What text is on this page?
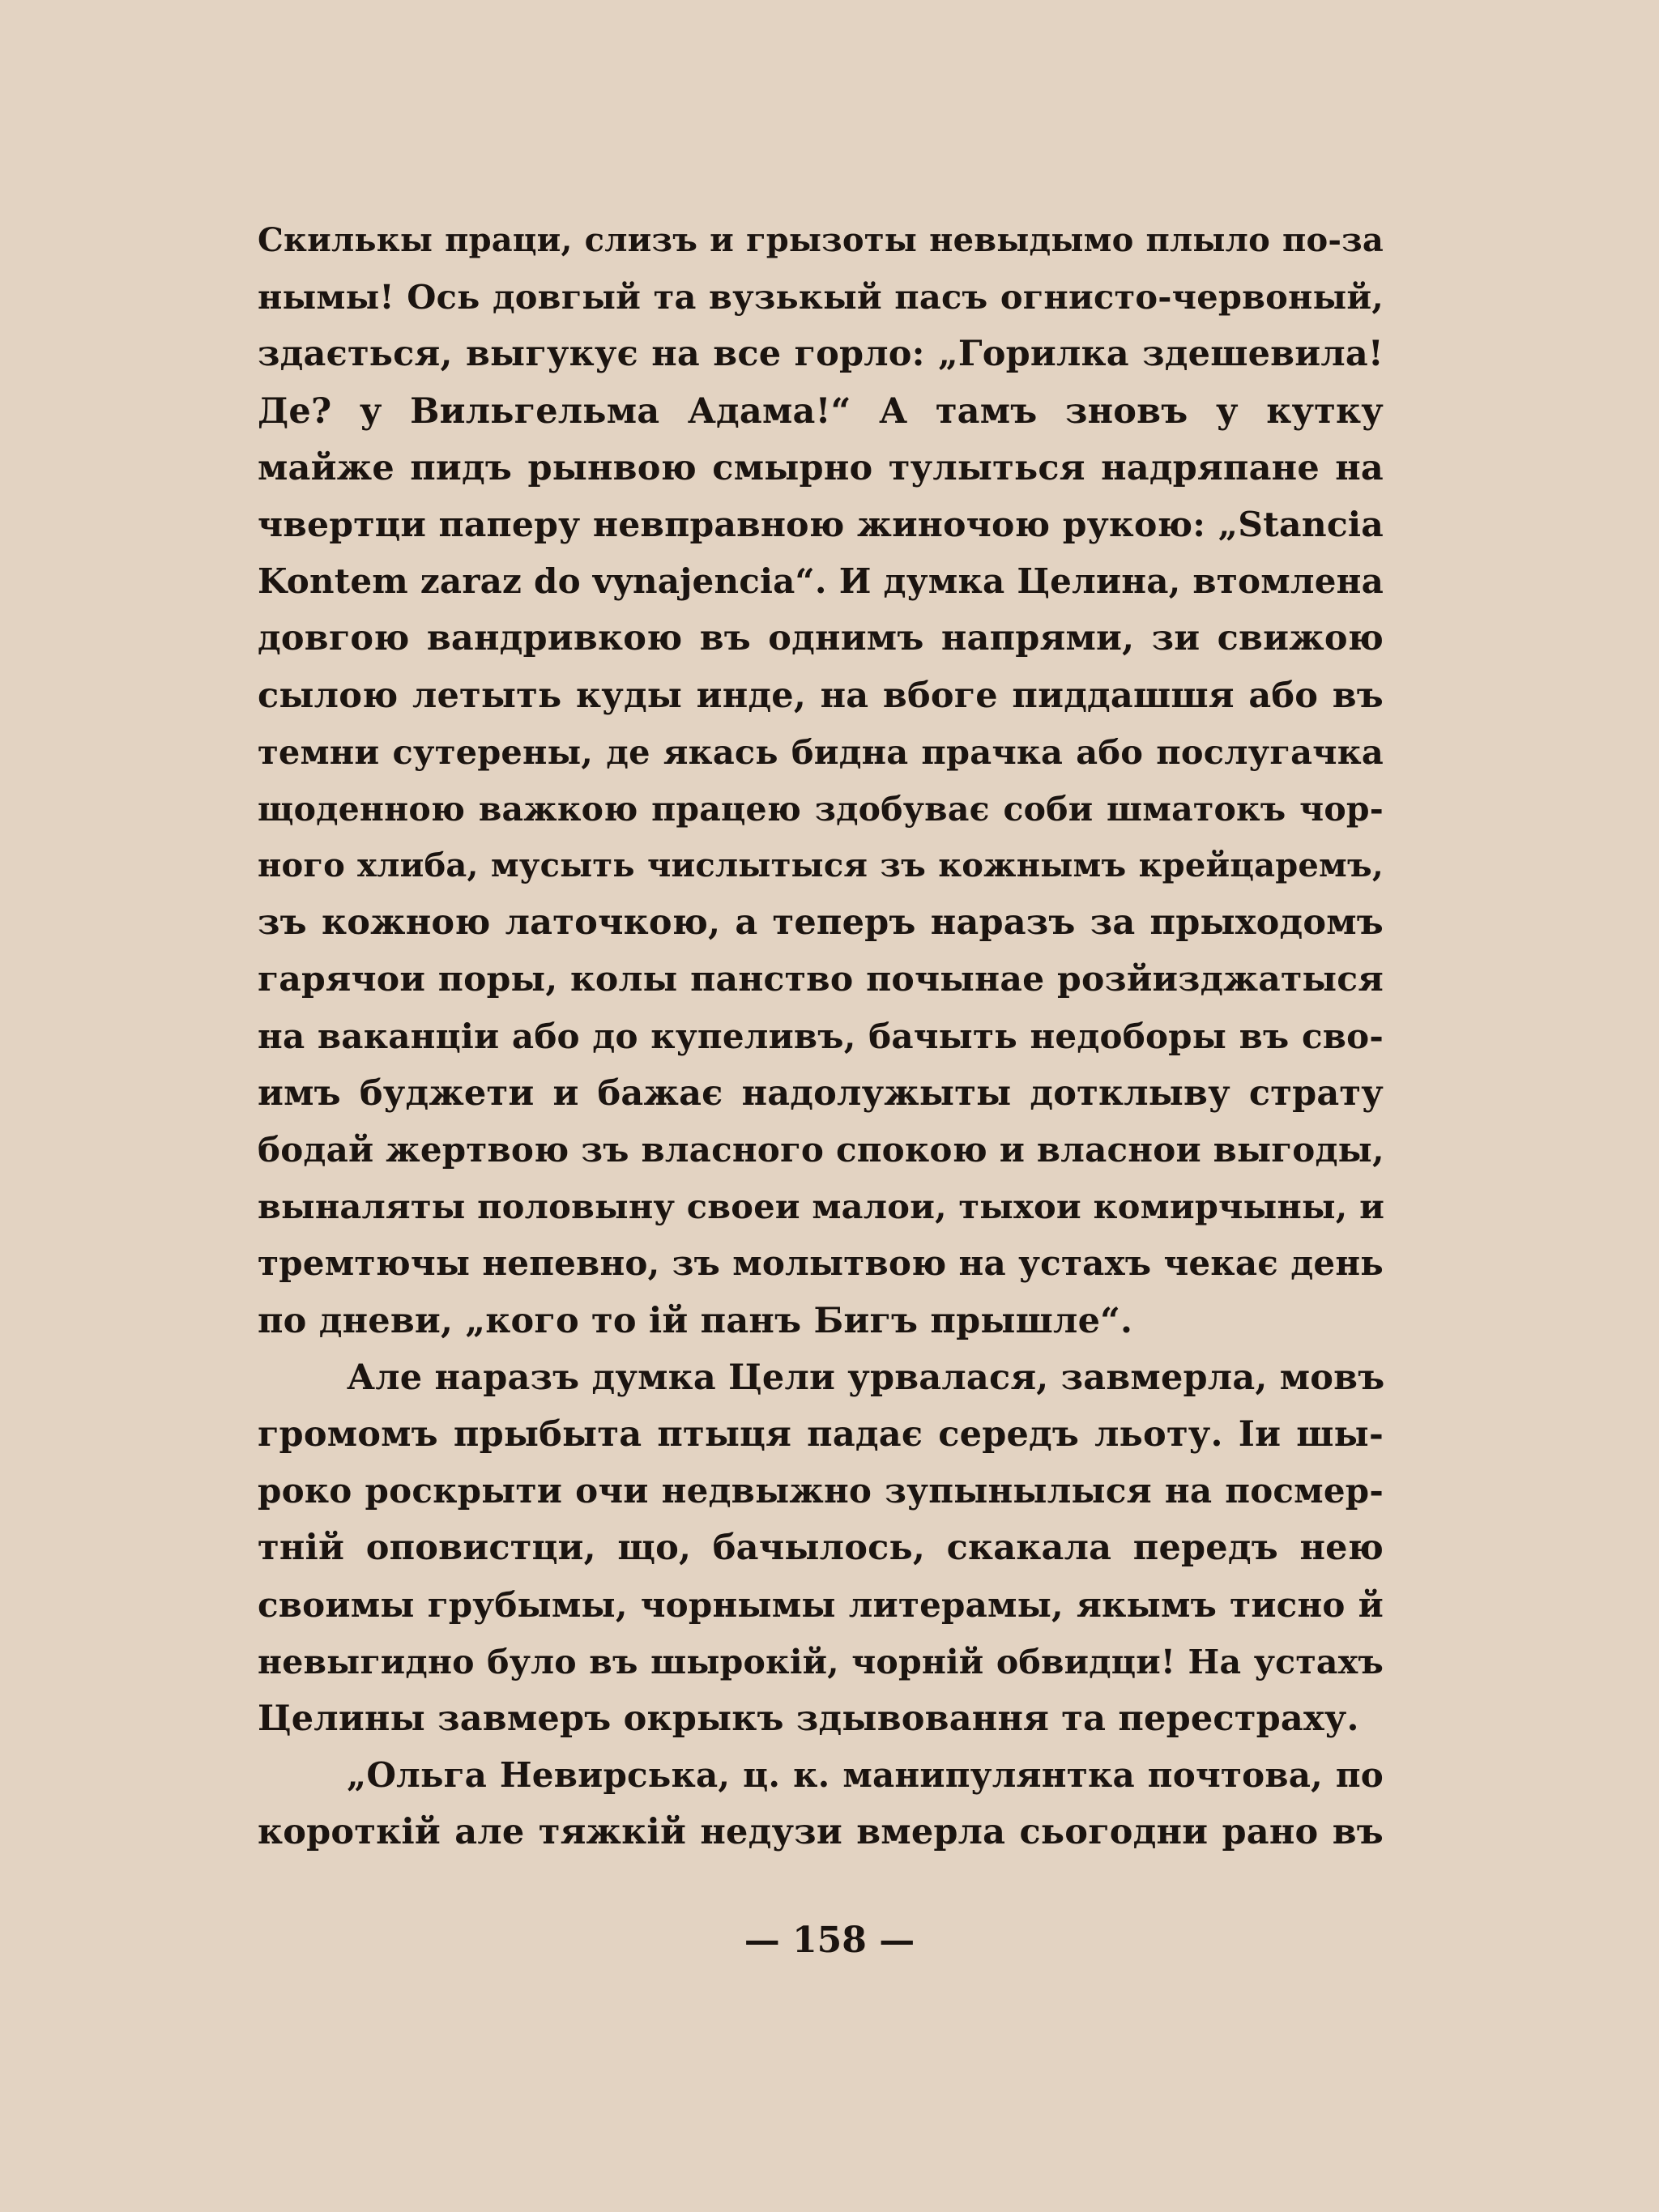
Скилькы праци, слизъ и грызоты невыдымо плыло по-за
нымы! Ось довгый та вузькый пасъ огнисто-червоный,
здається, выгукує на все горло: „Горилка здешевила!
Де? у Вильгельма Адама!“ А тамъ зновъ у кутку
майже пидъ рынвою смырно тулыться надряпане на
чвертци паперу невправною жиночою рукою: „Stancia
Kontem zaraz do vynajencia“. И думка Целина, втомлена
довгою вандривкою въ однимъ напрями, зи свижою
сылою летыть куды инде, на вбоге пиддашшя або въ
темни сутерены, де якась бидна прачка або послугачка
щоденною важкою працею здобуває соби шматокъ чор-
ного хлиба, мусыть числытыся зъ кожнымъ крейцаремъ,
зъ кожною латочкою, а теперъ наразъ за прыходомъ
гарячои поры, колы панство почынае розйизджатыся
на ваканціи або до купеливъ, бачыть недоборы въ сво-
имъ буджети и бажає надолужыты дотклыву страту
бодай жертвою зъ власного спокою и власнои выгоды,
выналяты половыну своеи малои, тыхои комирчыны, и
тремтючы непевно, зъ молытвою на устахъ чекає день
по дневи, „кого то ій панъ Бигъ прышле“.
Але наразъ думка Цели урвалася, завмерла, мовъ
громомъ прыбыта птыця падає середъ льоту. Іи шы-
роко роскрыти очи недвыжно зупынылыся на посмер-
тній оповистци, що, бачылось, скакала передъ нею
своимы грубымы, чорнымы литерамы, якымъ тисно й
невыгидно було въ шырокій, чорній обвидци! На устахъ
Целины завмеръ окрыкъ здывовання та перестраху.
„Ольга Невирська, ц. к. манипулянтка почтова, по
короткій але тяжкій недузи вмерла сьогодни рано въ
— 158 —
